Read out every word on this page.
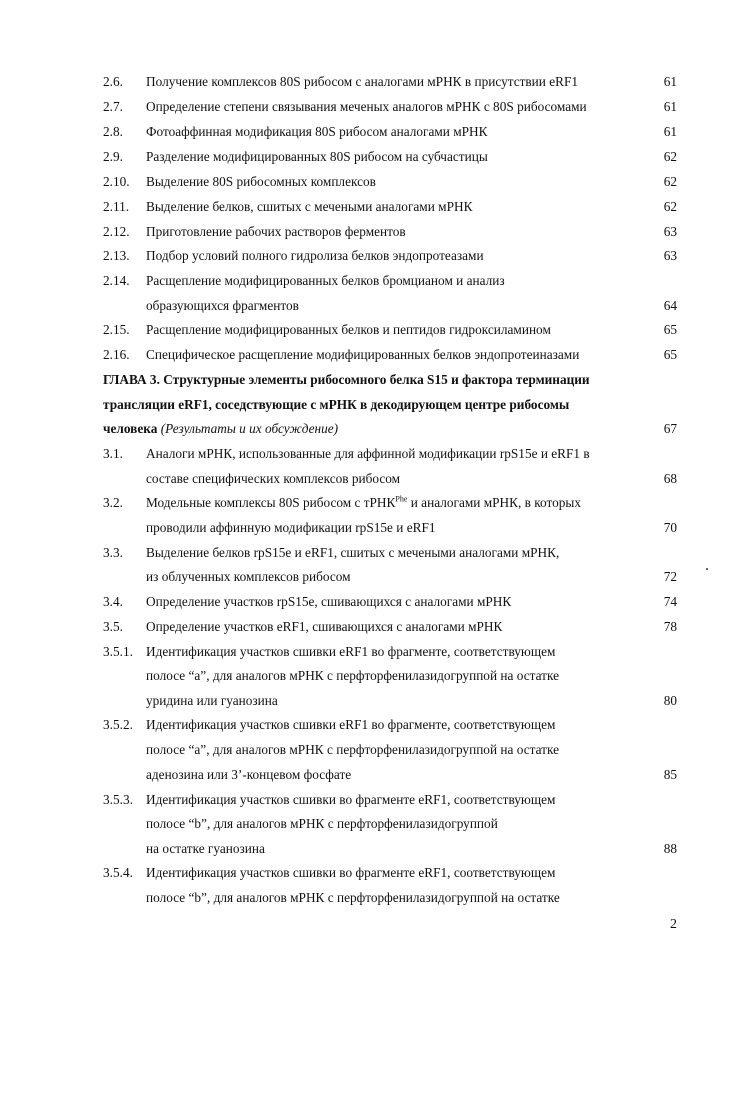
2.6. Получение комплексов 80S рибосом с аналогами мРНК в присутствии eRF1	61
2.7. Определение степени связывания меченых аналогов мРНК с 80S рибосомами	61
2.8. Фотоаффинная модификация 80S рибосом аналогами мРНК	61
2.9. Разделение модифицированных 80S рибосом на субчастицы	62
2.10. Выделение 80S рибосомных комплексов	62
2.11. Выделение белков, сшитых с мечеными аналогами мРНК	62
2.12. Приготовление рабочих растворов ферментов	63
2.13. Подбор условий полного гидролиза белков эндопротеазами	63
2.14. Расщепление модифицированных белков бромцианом и анализ
образующихся фрагментов	64
2.15. Расщепление модифицированных белков и пептидов гидроксиламином	65
2.16. Специфическое расщепление модифицированных белков эндопротеиназами	65
ГЛАВА 3. Структурные элементы рибосомного белка S15 и фактора терминации
трансляции eRF1, соседствующие с мРНК в декодирующем центре рибосомы
человека (Результаты и их обсуждение)	67
3.1. Аналоги мРНК, использованные для аффинной модификации rpS15e и eRF1 в
составе специфических комплексов рибосом	68
3.2. Модельные комплексы 80S рибосом с тРНК$^{Phe}$ и аналогами мРНК, в которых
проводили аффинную модификации rpS15e и eRF1	70
3.3. Выделение белков rpS15e и eRF1, сшитых с мечеными аналогами мРНК,
из облученных комплексов рибосом	72
3.4. Определение участков rpS15e, сшивающихся с аналогами мРНК	74
3.5. Определение участков eRF1, сшивающихся с аналогами мРНК	78
3.5.1. Идентификация участков сшивки eRF1 во фрагменте, соответствующем
полосе “a”, для аналогов мРНК с перфторфенилазидогруппой на остатке
уридина или гуанозина	80
3.5.2. Идентификация участков сшивки eRF1 во фрагменте, соответствующем
полосе “a”, для аналогов мРНК с перфторфенилазидогруппой на остатке
аденозина или 3’-концевом фосфате	85
3.5.3. Идентификация участков сшивки во фрагменте eRF1, соответствующем
полосе “b”, для аналогов мРНК с перфторфенилазидогруппой
на остатке гуанозина	88
3.5.4. Идентификация участков сшивки во фрагменте eRF1, соответствующем
полосе “b”, для аналогов мРНК с перфторфенилазидогруппой на остатке
2
